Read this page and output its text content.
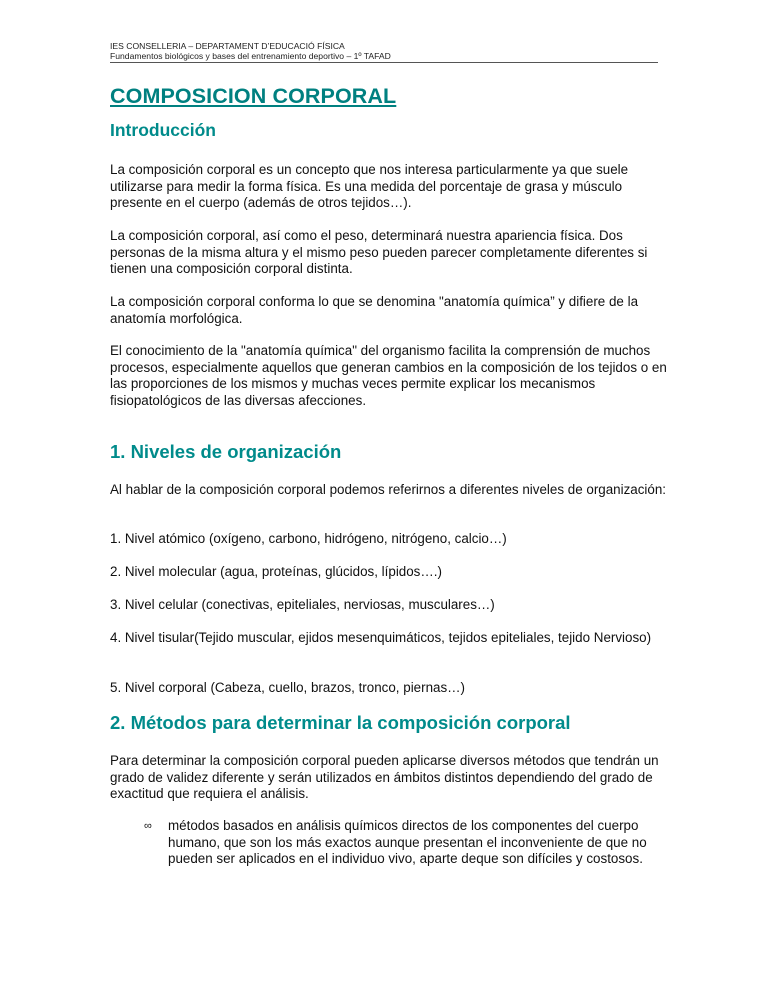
IES CONSELLERIA – DEPARTAMENT D’EDUCACIÓ FÍSICA
Fundamentos biológicos y bases del entrenamiento deportivo – 1º TAFAD
COMPOSICION CORPORAL
Introducción

La composición corporal es un concepto que nos interesa particularmente ya que suele utilizarse para medir la forma física. Es una medida del porcentaje de grasa y músculo presente en el cuerpo (además de otros tejidos…).

La composición corporal, así como el peso, determinará nuestra apariencia física. Dos personas de la misma altura y el mismo peso pueden parecer completamente diferentes si tienen una composición corporal distinta.

La composición corporal conforma lo que se denomina "anatomía química” y difiere de la anatomía morfológica.

El conocimiento de la "anatomía química" del organismo facilita la comprensión de muchos procesos, especialmente aquellos que generan cambios en la composición de los tejidos o en las proporciones de los mismos y muchas veces permite explicar los mecanismos fisiopatológicos de las diversas afecciones.

1. Niveles de organización

Al hablar de la composición corporal podemos referirnos a diferentes niveles de organización:

1. Nivel atómico (oxígeno, carbono, hidrógeno, nitrógeno, calcio…)

2. Nivel molecular (agua, proteínas, glúcidos, lípidos….)

3. Nivel celular (conectivas, epiteliales, nerviosas, musculares…)

4. Nivel tisular(Tejido muscular, ejidos mesenquimáticos, tejidos epiteliales, tejido Nervioso)

5. Nivel corporal (Cabeza, cuello, brazos, tronco, piernas…)

2. Métodos para determinar la composición corporal

Para determinar la composición corporal pueden aplicarse diversos métodos que tendrán un grado de validez diferente y serán utilizados en ámbitos distintos dependiendo del grado de exactitud que requiera el análisis.

∞ métodos basados en análisis químicos directos de los componentes del cuerpo humano, que son los más exactos aunque presentan el inconveniente de que no pueden ser aplicados en el individuo vivo, aparte deque son difíciles y costosos.
